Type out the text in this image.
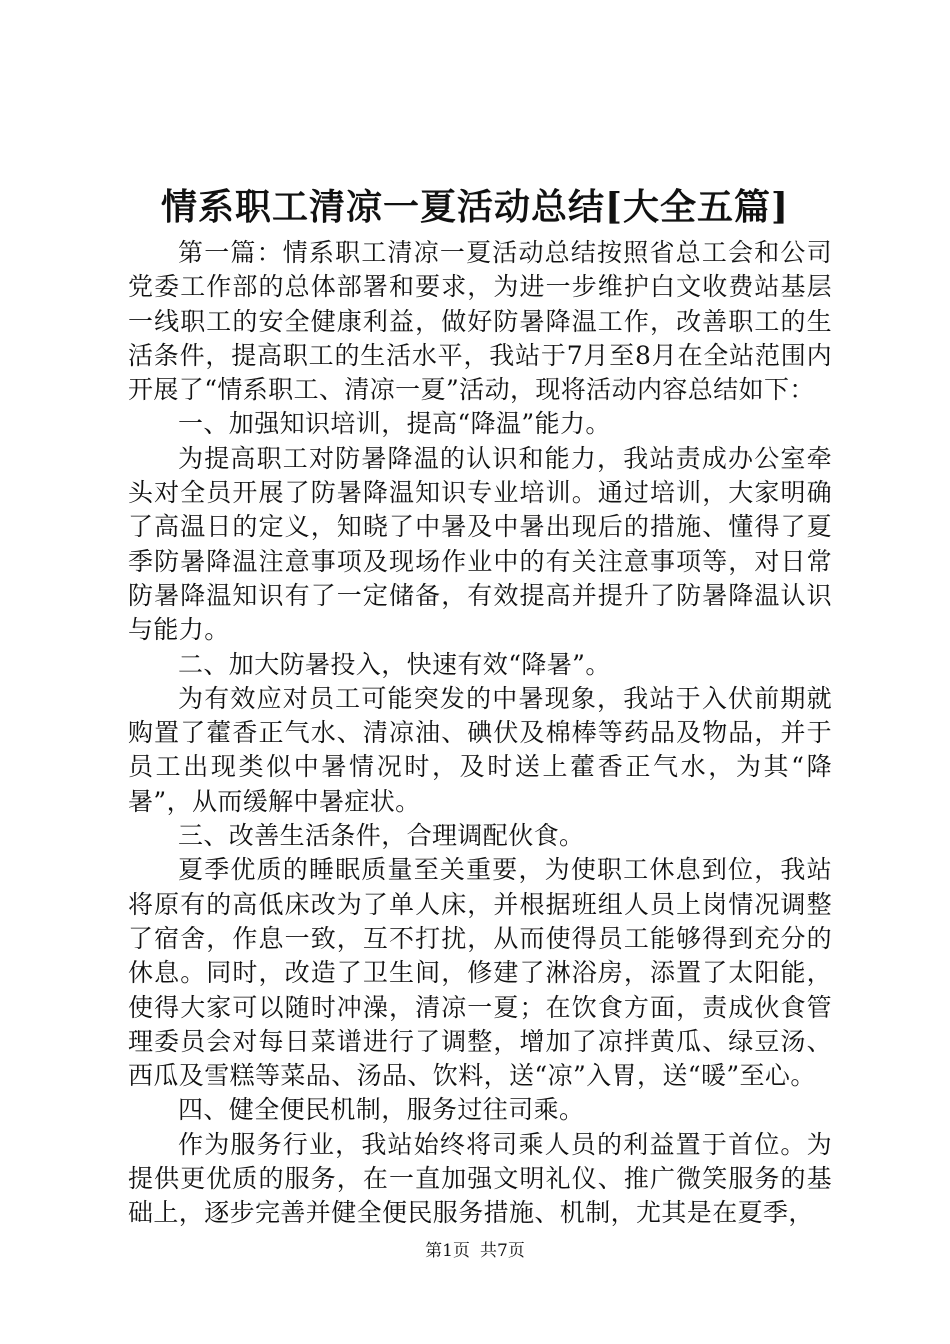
情系职工清凉一夏活动总结[大全五篇]

第一篇：情系职工清凉一夏活动总结按照省总工会和公司党委工作部的总体部署和要求，为进一步维护白文收费站基层一线职工的安全健康利益，做好防暑降温工作，改善职工的生活条件，提高职工的生活水平，我站于7月至8月在全站范围内开展了“情系职工、清凉一夏”活动，现将活动内容总结如下：

一、加强知识培训，提高“降温”能力。

为提高职工对防暑降温的认识和能力，我站责成办公室牵头对全员开展了防暑降温知识专业培训。通过培训，大家明确了高温日的定义，知晓了中暑及中暑出现后的措施、懂得了夏季防暑降温注意事项及现场作业中的有关注意事项等，对日常防暑降温知识有了一定储备，有效提高并提升了防暑降温认识与能力。

二、加大防暑投入，快速有效“降暑”。

为有效应对员工可能突发的中暑现象，我站于入伏前期就购置了藿香正气水、清凉油、碘伏及棉棒等药品及物品，并于员工出现类似中暑情况时，及时送上藿香正气水，为其“降暑”，从而缓解中暑症状。

三、改善生活条件，合理调配伙食。

夏季优质的睡眠质量至关重要，为使职工休息到位，我站将原有的高低床改为了单人床，并根据班组人员上岗情况调整了宿舍，作息一致，互不打扰，从而使得员工能够得到充分的休息。同时，改造了卫生间，修建了淋浴房，添置了太阳能，使得大家可以随时冲澡，清凉一夏；在饮食方面，责成伙食管理委员会对每日菜谱进行了调整，增加了凉拌黄瓜、绿豆汤、西瓜及雪糕等菜品、汤品、饮料，送“凉”入胃，送“暖”至心。

四、健全便民机制，服务过往司乘。

作为服务行业，我站始终将司乘人员的利益置于首位。为提供更优质的服务，在一直加强文明礼仪、推广微笑服务的基础上，逐步完善并健全便民服务措施、机制，尤其是在夏季，

第1页 共7页
